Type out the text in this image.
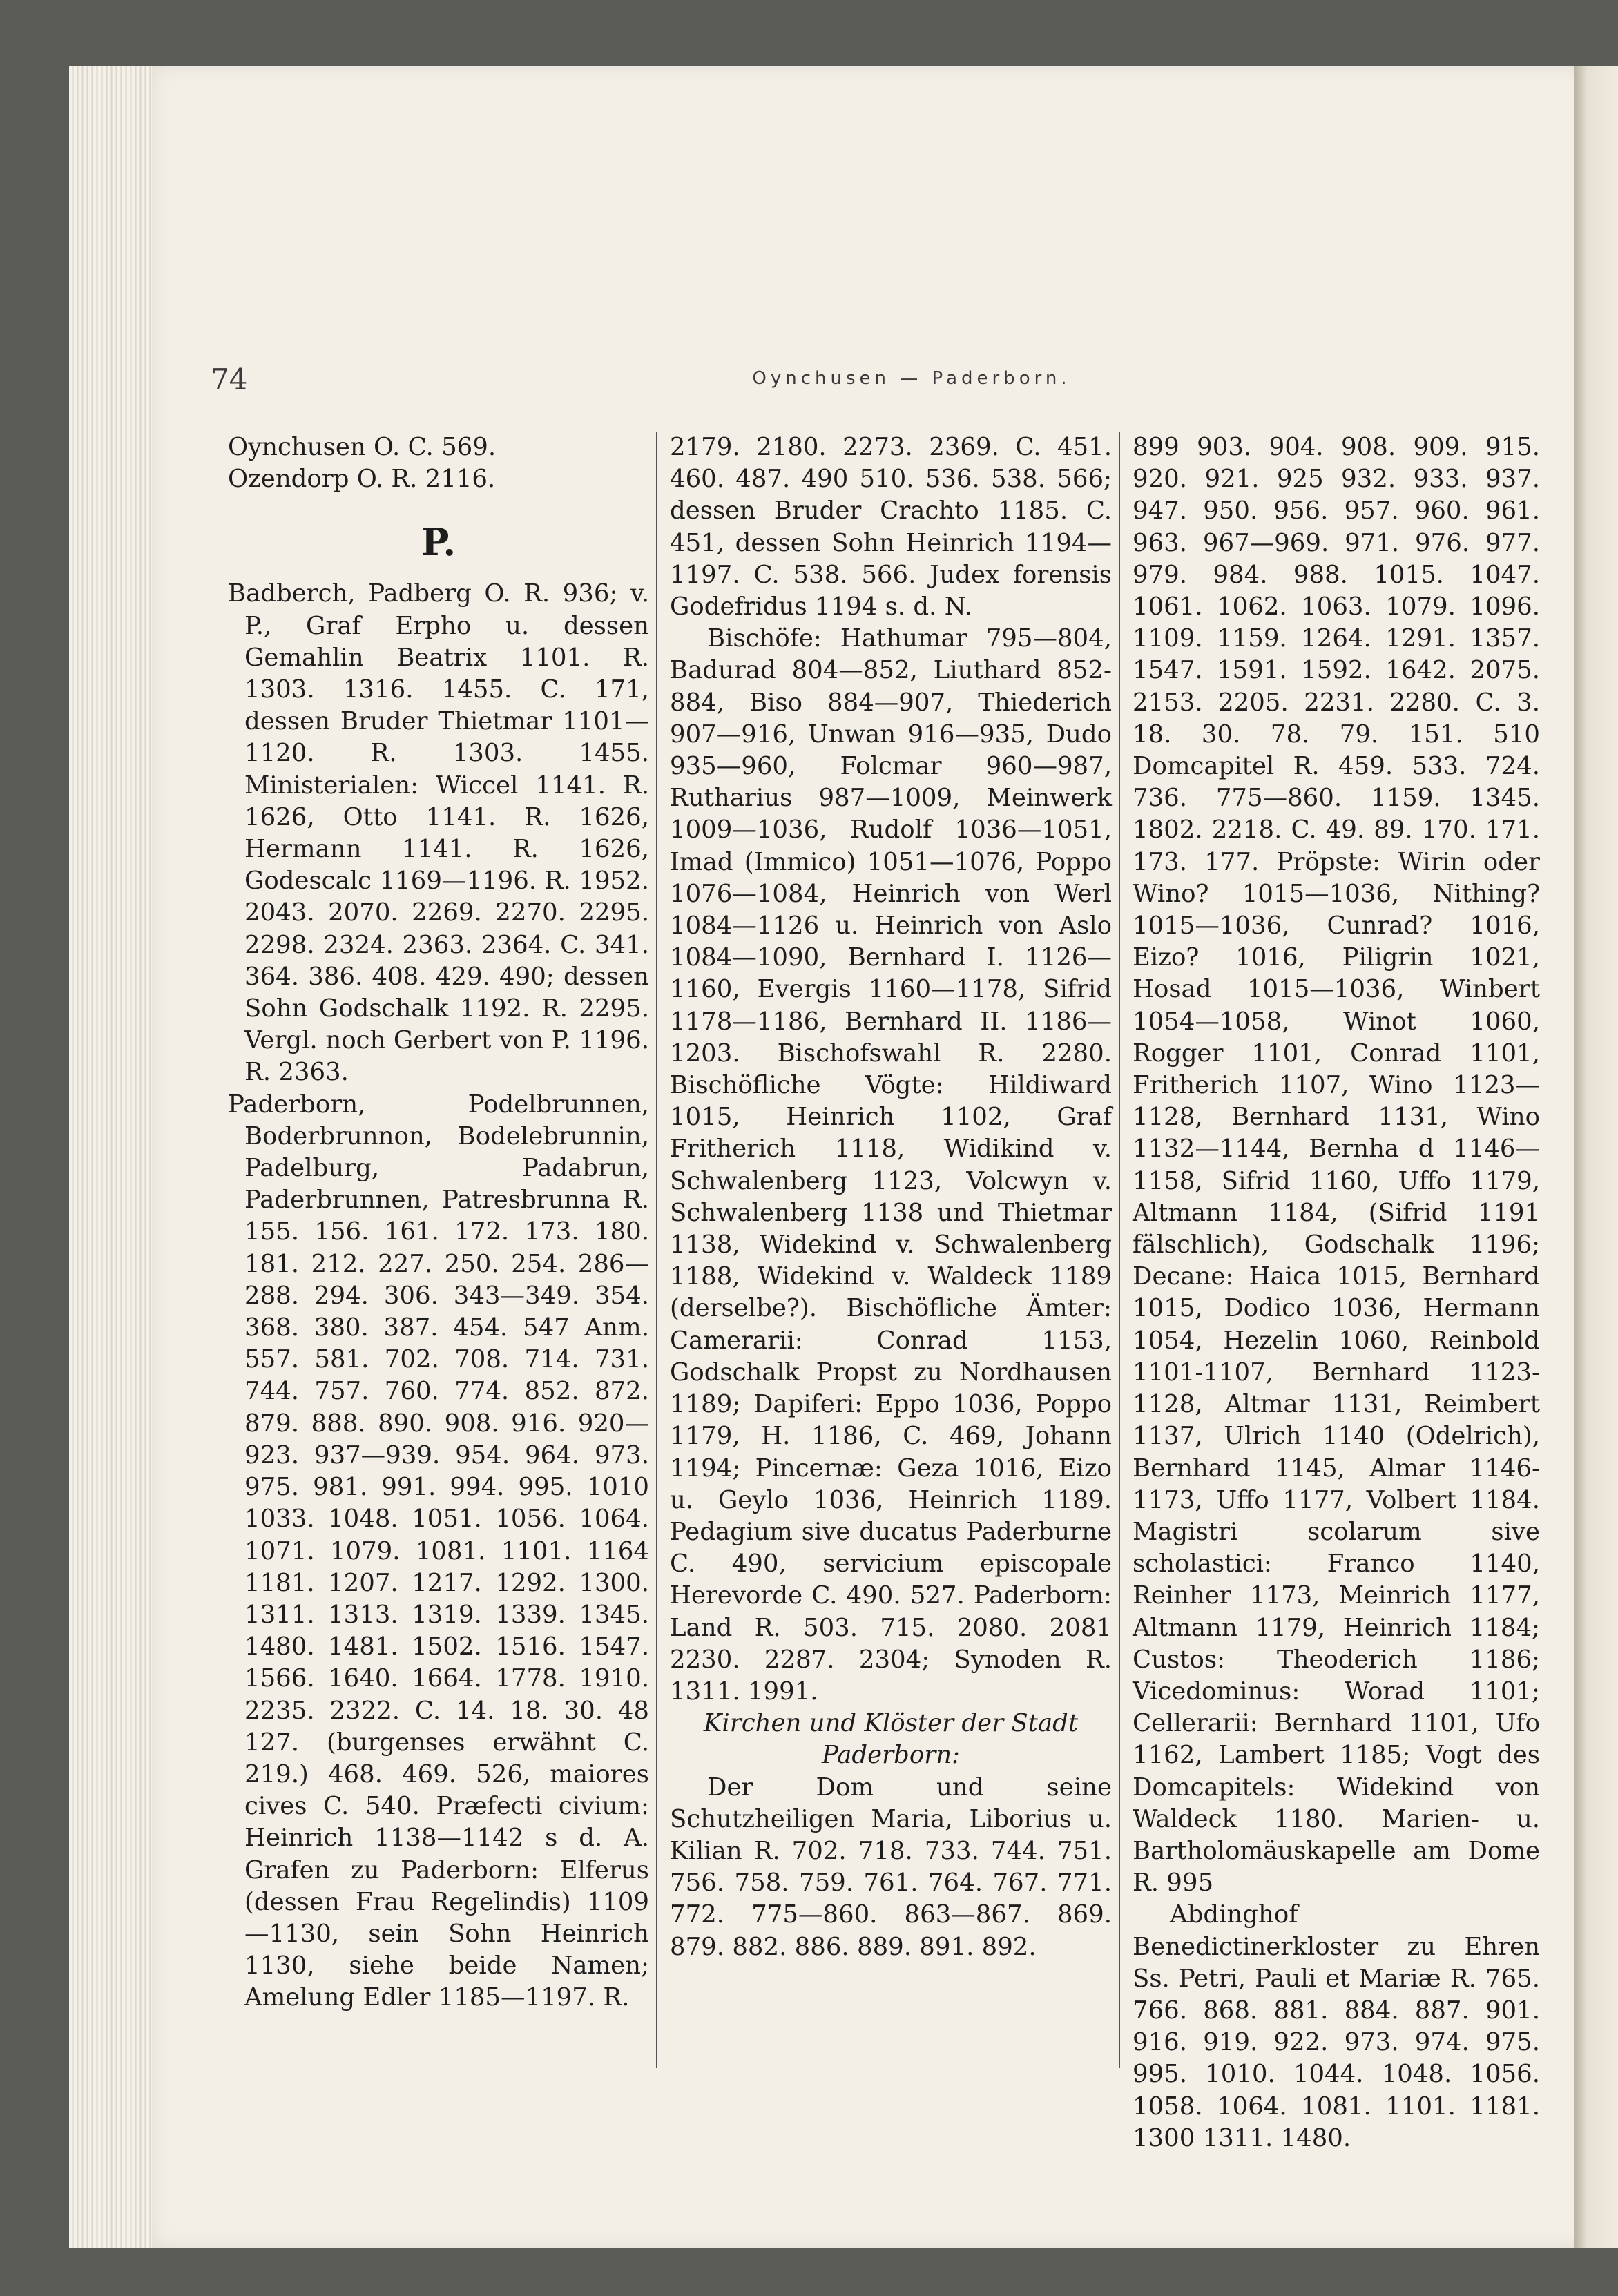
74	Oynchusen — Paderborn.

Oynchusen O. C. 569.

Ozendorp O. R. 2116.

P.

Badberch, Padberg O. R. 936; v. P., Graf Erpho u. dessen Gemahlin Beatrix 1101. R. 1303. 1316. 1455. C. 171, dessen Bruder Thietmar 1101—1120. R. 1303. 1455. Ministerialen: Wiccel 1141. R. 1626, Otto 1141. R. 1626, Hermann 1141. R. 1626, Godescalc 1169—1196. R. 1952. 2043. 2070. 2269. 2270. 2295. 2298. 2324. 2363. 2364. C. 341. 364. 386. 408. 429. 490; dessen Sohn Godschalk 1192. R. 2295. Vergl. noch Gerbert von P. 1196. R. 2363.

Paderborn, Podelbrunnen, Boderbrunnon, Bodelebrunnin, Padelburg, Padabrun, Paderbrunnen, Patresbrunna R. 155. 156. 161. 172. 173. 180. 181. 212. 227. 250. 254. 286—288. 294. 306. 343—349. 354. 368. 380. 387. 454. 547 Anm. 557. 581. 702. 708. 714. 731. 744. 757. 760. 774. 852. 872. 879. 888. 890. 908. 916. 920—923. 937—939. 954. 964. 973. 975. 981. 991. 994. 995. 1010 1033. 1048. 1051. 1056. 1064. 1071. 1079. 1081. 1101. 1164 1181. 1207. 1217. 1292. 1300. 1311. 1313. 1319. 1339. 1345. 1480. 1481. 1502. 1516. 1547. 1566. 1640. 1664. 1778. 1910. 2235. 2322. C. 14. 18. 30. 48 127. (burgenses erwähnt C. 219.) 468. 469. 526, maiores cives C. 540. Præfecti civium: Heinrich 1138—1142 s d. A. Grafen zu Paderborn: Elferus (dessen Frau Regelindis) 1109—1130, sein Sohn Heinrich 1130, siehe beide Namen; Amelung Edler 1185—1197. R.

2179. 2180. 2273. 2369. C. 451. 460. 487. 490 510. 536. 538. 566; dessen Bruder Crachto 1185. C. 451, dessen Sohn Heinrich 1194—1197. C. 538. 566. Judex forensis Godefridus 1194 s. d. N.

Bischöfe: Hathumar 795—804, Badurad 804—852, Liuthard 852-884, Biso 884—907, Thiederich 907—916, Unwan 916—935, Dudo 935—960, Folcmar 960—987, Rutharius 987—1009, Meinwerk 1009—1036, Rudolf 1036—1051, Imad (Immico) 1051—1076, Poppo 1076—1084, Heinrich von Werl 1084—1126 u. Heinrich von Aslo 1084—1090, Bernhard I. 1126—1160, Evergis 1160—1178, Sifrid 1178—1186, Bernhard II. 1186—1203. Bischofswahl R. 2280. Bischöfliche Vögte: Hildiward 1015, Heinrich 1102, Graf Fritherich 1118, Widikind v. Schwalenberg 1123, Volcwyn v. Schwalenberg 1138 und Thietmar 1138, Widekind v. Schwalenberg 1188, Widekind v. Waldeck 1189 (derselbe?). Bischöfliche Ämter: Camerarii: Conrad 1153, Godschalk Propst zu Nordhausen 1189; Dapiferi: Eppo 1036, Poppo 1179, H. 1186, C. 469, Johann 1194; Pincernæ: Geza 1016, Eizo u. Geylo 1036, Heinrich 1189. Pedagium sive ducatus Paderburne C. 490, servicium episcopale Herevorde C. 490. 527. Paderborn: Land R. 503. 715. 2080. 2081 2230. 2287. 2304; Synoden R. 1311. 1991.

Kirchen und Klöster der Stadt Paderborn:

Der Dom und seine Schutzheiligen Maria, Liborius u. Kilian R. 702. 718. 733. 744. 751. 756. 758. 759. 761. 764. 767. 771. 772. 775—860. 863—867. 869. 879. 882. 886. 889. 891. 892.

899 903. 904. 908. 909. 915. 920. 921. 925 932. 933. 937. 947. 950. 956. 957. 960. 961. 963. 967—969. 971. 976. 977. 979. 984. 988. 1015. 1047. 1061. 1062. 1063. 1079. 1096. 1109. 1159. 1264. 1291. 1357. 1547. 1591. 1592. 1642. 2075. 2153. 2205. 2231. 2280. C. 3. 18. 30. 78. 79. 151. 510 Domcapitel R. 459. 533. 724. 736. 775—860. 1159. 1345. 1802. 2218. C. 49. 89. 170. 171. 173. 177. Pröpste: Wirin oder Wino? 1015—1036, Nithing? 1015—1036, Cunrad? 1016, Eizo? 1016, Piligrin 1021, Hosad 1015—1036, Winbert 1054—1058, Winot 1060, Rogger 1101, Conrad 1101, Fritherich 1107, Wino 1123—1128, Bernhard 1131, Wino 1132—1144, Bernha d 1146—1158, Sifrid 1160, Uffo 1179, Altmann 1184, (Sifrid 1191 fälschlich), Godschalk 1196; Decane: Haica 1015, Bernhard 1015, Dodico 1036, Hermann 1054, Hezelin 1060, Reinbold 1101-1107, Bernhard 1123-1128, Altmar 1131, Reimbert 1137, Ulrich 1140 (Odelrich), Bernhard 1145, Almar 1146-1173, Uffo 1177, Volbert 1184. Magistri scolarum sive scholastici: Franco 1140, Reinher 1173, Meinrich 1177, Altmann 1179, Heinrich 1184; Custos: Theoderich 1186; Vicedominus: Worad 1101; Cellerarii: Bernhard 1101, Ufo 1162, Lambert 1185; Vogt des Domcapitels: Widekind von Waldeck 1180. Marien- u. Bartholomäuskapelle am Dome R. 995

Abdinghof Benedictinerkloster zu Ehren Ss. Petri, Pauli et Mariæ R. 765. 766. 868. 881. 884. 887. 901. 916. 919. 922. 973. 974. 975. 995. 1010. 1044. 1048. 1056. 1058. 1064. 1081. 1101. 1181. 1300 1311. 1480.
